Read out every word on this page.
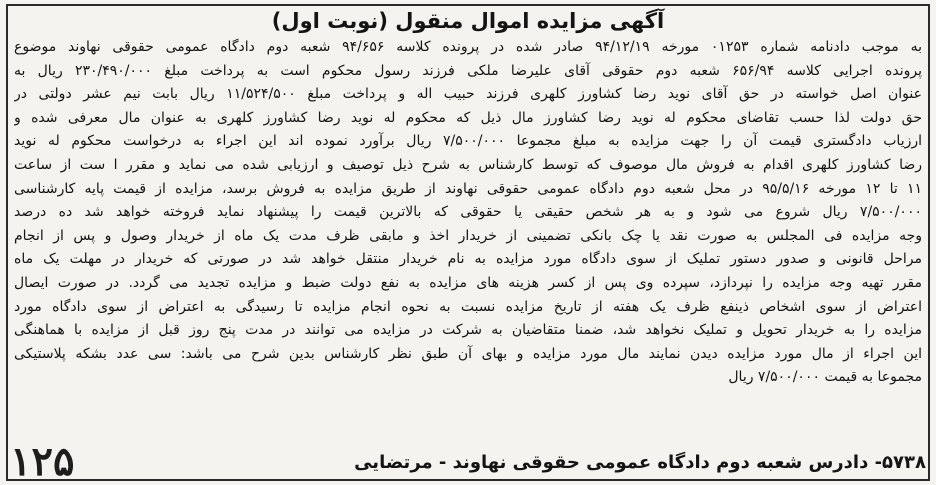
آگهی مزایده اموال منقول (نوبت اول)
به موجب دادنامه شماره ۰۱۲۵۳ مورخه ۹۴/۱۲/۱۹ صادر شده در پرونده کلاسه ۹۴/۶۵۶ شعبه دوم دادگاه عمومی حقوقی نهاوند موضوع
پرونده اجرایی کلاسه ۶۵۶/۹۴ شعبه دوم حقوقی آقای علیرضا ملکی فرزند رسول محکوم است به پرداخت مبلغ ۲۳۰/۴۹۰/۰۰۰ ریال به
عنوان اصل خواسته در حق آقای نوید رضا کشاورز کلهری فرزند حبیب اله و پرداخت مبلغ ۱۱/۵۲۴/۵۰۰ ریال بابت نیم عشر دولتی در
حق دولت لذا حسب تقاضای محکوم له نوید رضا کشاورز مال ذیل که محکوم له نوید رضا کشاورز کلهری به عنوان مال معرفی شده و
ارزیاب دادگستری قیمت آن را جهت مزایده به مبلغ مجموعا ۷/۵۰۰/۰۰۰ ریال برآورد نموده اند این اجراء به درخواست محکوم له نوید
رضا کشاورز کلهری اقدام به فروش مال موصوف که توسط کارشناس به شرح ذیل توصیف و ارزیابی شده می نماید و مقرر ا ست از ساعت
۱۱ تا ۱۲ مورخه ۹۵/۵/۱۶ در محل شعبه دوم دادگاه عمومی حقوقی نهاوند از طریق مزایده به فروش برسد، مزایده از قیمت پایه کارشناسی
۷/۵۰۰/۰۰۰ ریال شروع می شود و به هر شخص حقیقی یا حقوقی که بالاترین قیمت را پیشنهاد نماید فروخته خواهد شد ده درصد
وجه مزایده فی المجلس به صورت نقد یا چک بانکی تضمینی از خریدار اخذ و مابقی ظرف مدت یک ماه از خریدار وصول و پس از انجام
مراحل قانونی و صدور دستور تملیک از سوی دادگاه مورد مزایده به نام خریدار منتقل خواهد شد در صورتی که خریدار در مهلت یک ماه
مقرر تهیه وجه مزایده را نپردازد، سپرده وی پس از کسر هزینه های مزایده به نفع دولت ضبط و مزایده تجدید می گردد. در صورت ایصال
اعتراض از سوی اشخاص ذینفع ظرف یک هفته از تاریخ مزایده نسبت به نحوه انجام مزایده تا رسیدگی به اعتراض از سوی دادگاه مورد
مزایده را به خریدار تحویل و تملیک نخواهد شد، ضمنا متقاضیان به شرکت در مزایده می توانند در مدت پنج روز قبل از مزایده با هماهنگی
این اجراء از مال مورد مزایده دیدن نمایند مال مورد مزایده و بهای آن طبق نظر کارشناس بدین شرح می باشد: سی عدد بشکه پلاستیکی
مجموعا به قیمت ۷/۵۰۰/۰۰۰ ریال
۵۷۳۸- دادرس شعبه دوم دادگاه عمومی حقوقی نهاوند - مرتضایی
۱۲۵
